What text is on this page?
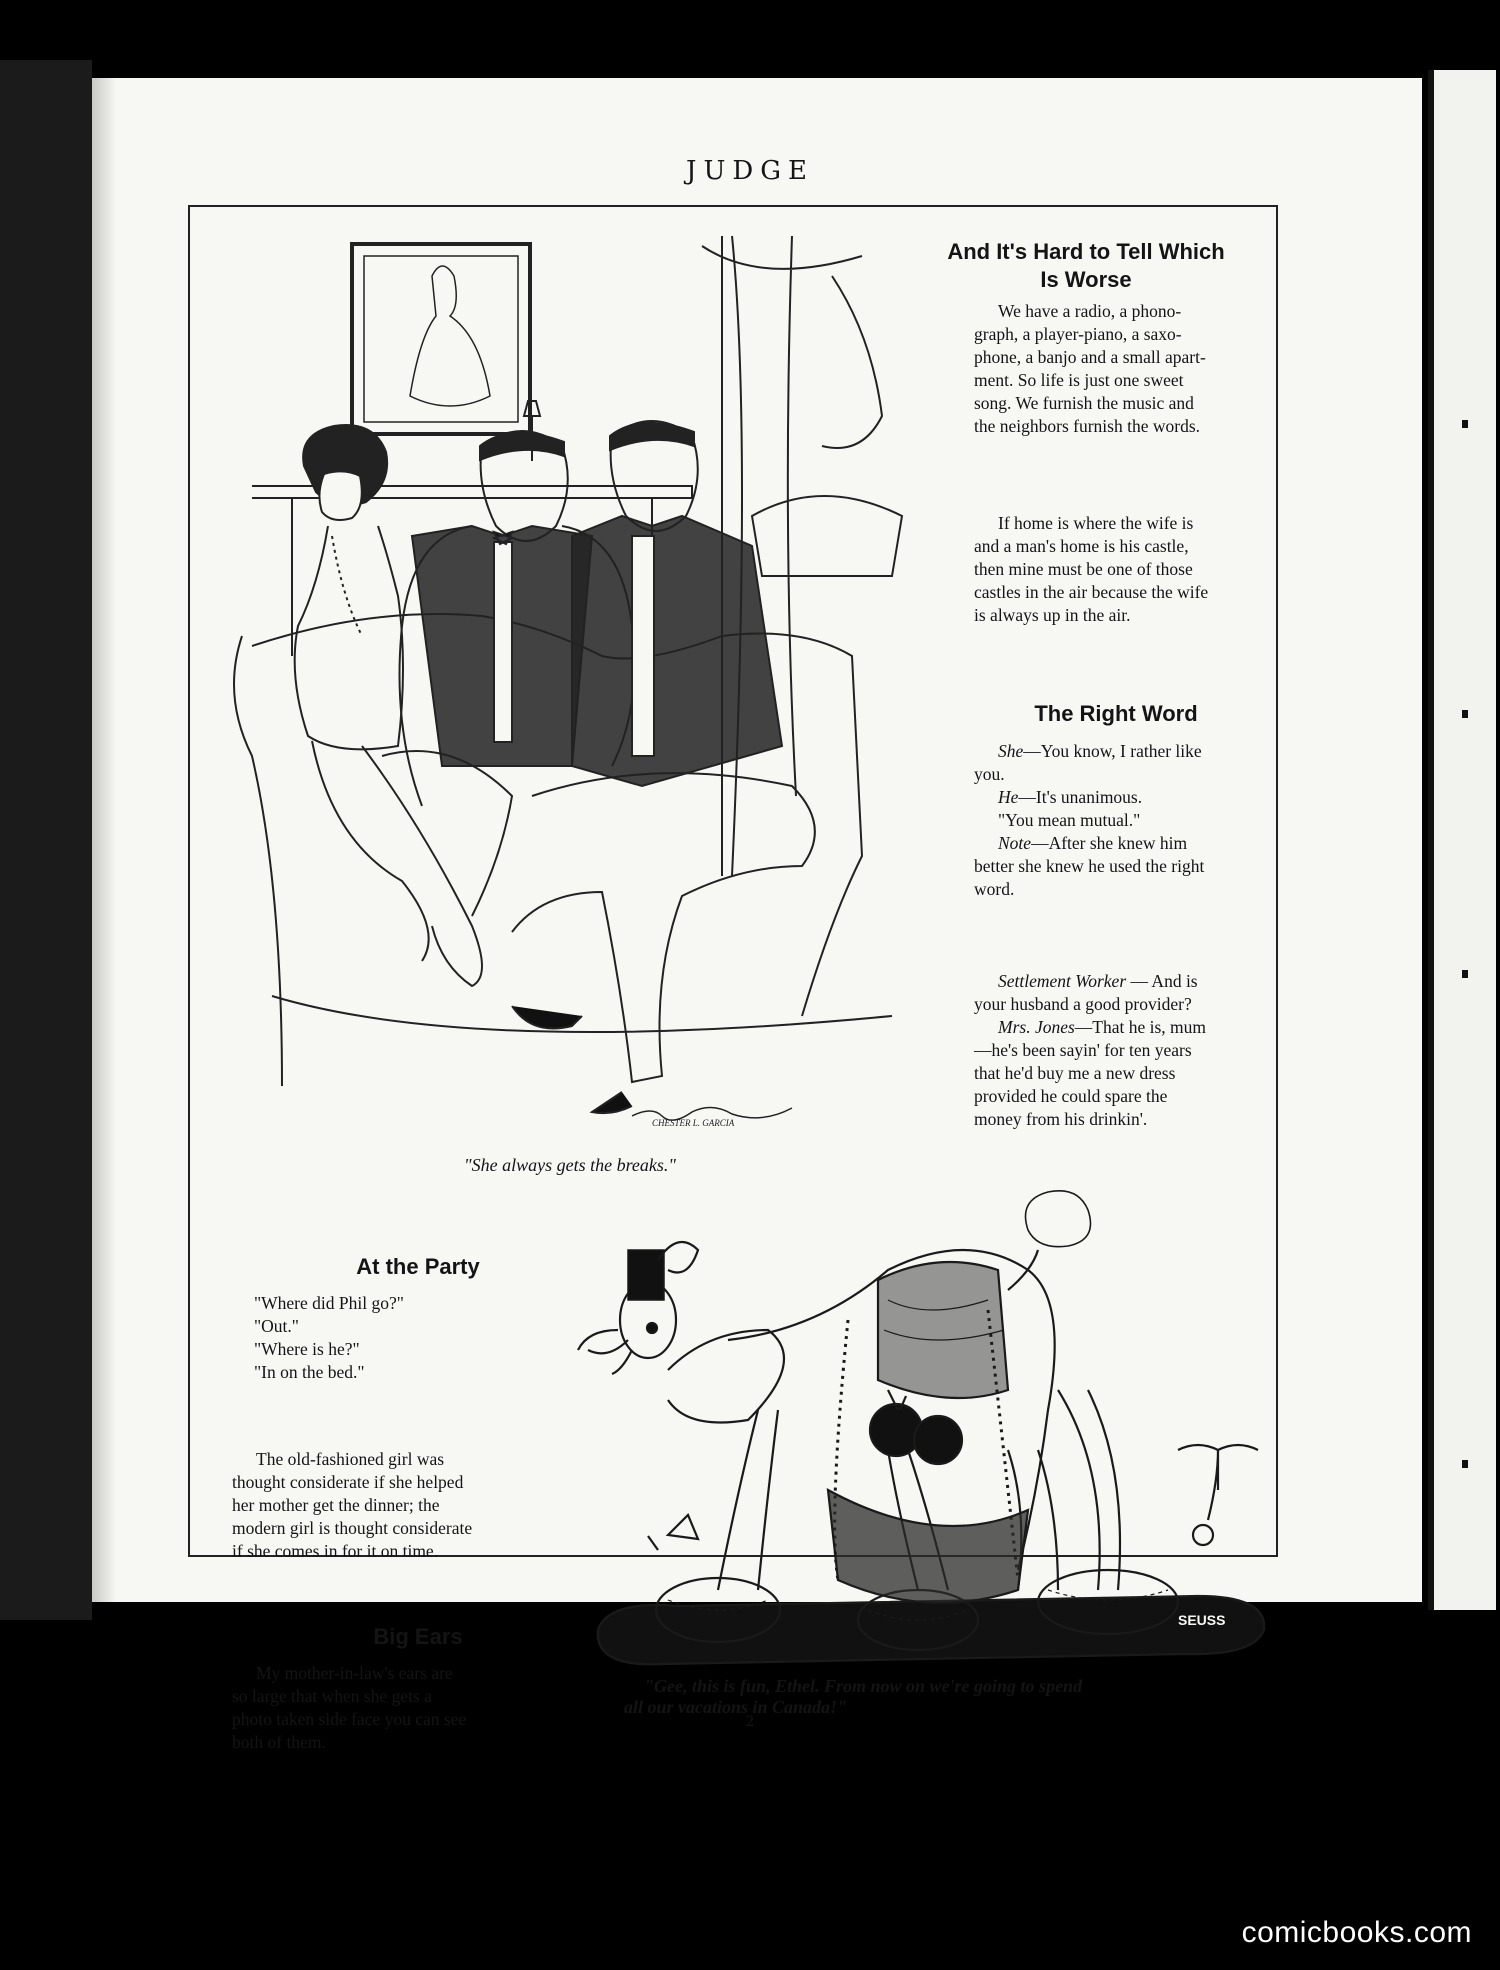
JUDGE
CHESTER L. GARCIA
"She always gets the breaks."
And It's Hard to Tell Which
Is Worse
We have a radio, a phono-
graph, a player-piano, a saxo-
phone, a banjo and a small apart-
ment. So life is just one sweet
song. We furnish the music and
the neighbors furnish the words.
If home is where the wife is
and a man's home is his castle,
then mine must be one of those
castles in the air because the wife
is always up in the air.
The Right Word
She—You know, I rather like
you.
He—It's unanimous.
"You mean mutual."
Note—After she knew him
better she knew he used the right
word.
Settlement Worker — And is
your husband a good provider?
Mrs. Jones—That he is, mum
—he's been sayin' for ten years
that he'd buy me a new dress
provided he could spare the
money from his drinkin'.
At the Party
"Where did Phil go?"
"Out."
"Where is he?"
"In on the bed."
The old-fashioned girl was
thought considerate if she helped
her mother get the dinner; the
modern girl is thought considerate
if she comes in for it on time.
Big Ears
My mother-in-law's ears are
so large that when she gets a
photo taken side face you can see
both of them.
SEUSS
"Gee, this is fun, Ethel. From now on we're going to spend
all our vacations in Canada!"
2
comicbooks.com
